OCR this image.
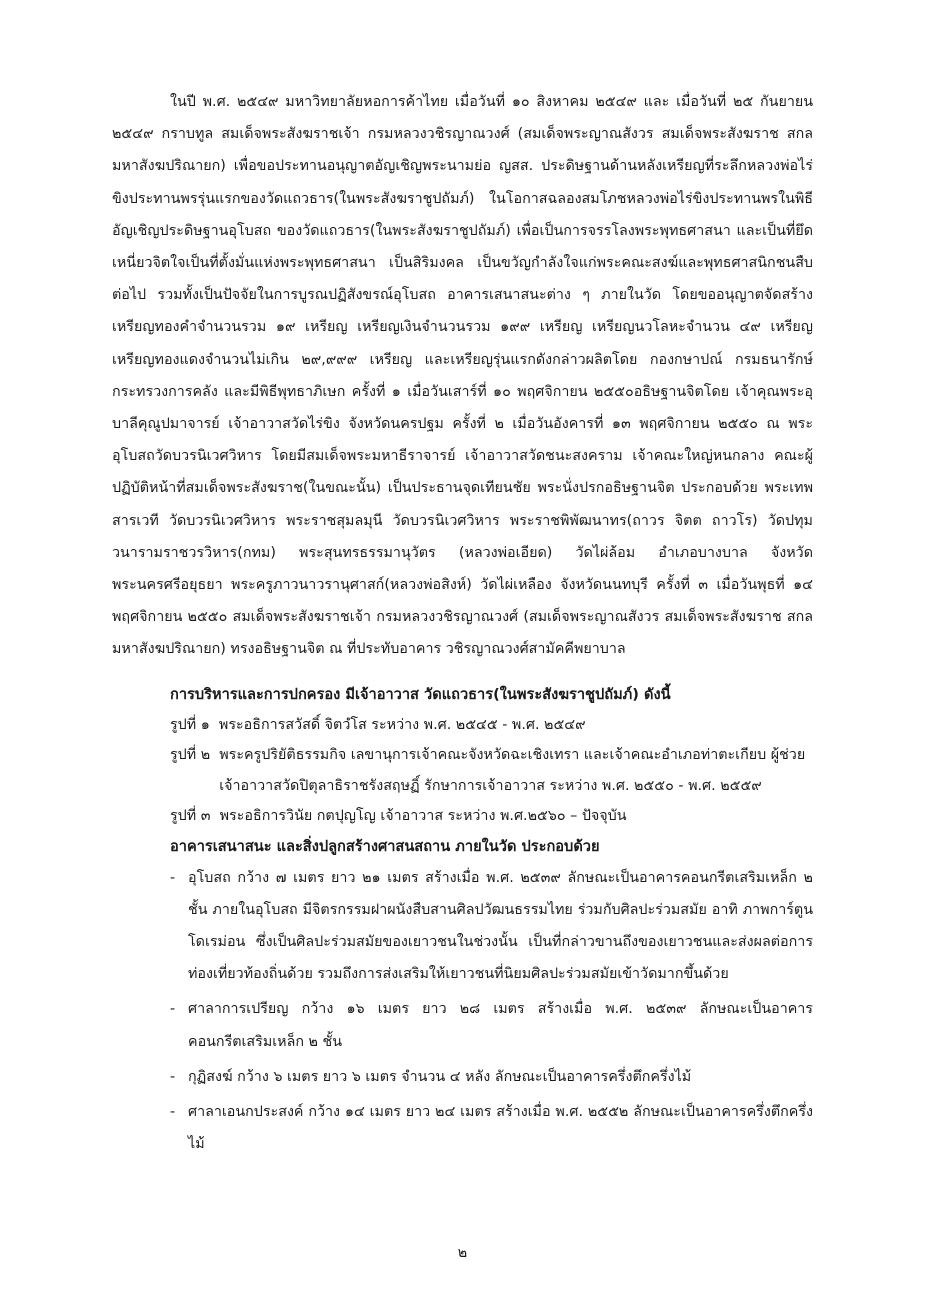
ในปี พ.ศ. ๒๕๔๙ มหาวิทยาลัยหอการค้าไทย เมื่อวันที่ ๑๐ สิงหาคม ๒๕๔๙ และ เมื่อวันที่ ๒๕ กันยายน ๒๕๔๙ กราบทูล สมเด็จพระสังฆราชเจ้า กรมหลวงวชิรญาณวงศ์ (สมเด็จพระญาณสังวร สมเด็จพระสังฆราช สกลมหาสังฆปริณายก) เพื่อขอประทานอนุญาตอัญเชิญพระนามย่อ ญสส. ประดิษฐานด้านหลังเหรียญที่ระลึกหลวงพ่อไร่ขิงประทานพรรุ่นแรกของวัดแถวธาร(ในพระสังฆราชูปถัมภ์) ในโอกาสฉลองสมโภชหลวงพ่อไร่ขิงประทานพรในพิธีอัญเชิญประดิษฐานอุโบสถ ของวัดแถวธาร(ในพระสังฆราชูปถัมภ์) เพื่อเป็นการจรรโลงพระพุทธศาสนา และเป็นที่ยึดเหนี่ยวจิตใจเป็นที่ตั้งมั่นแห่งพระพุทธศาสนา เป็นสิริมงคล เป็นขวัญกำลังใจแก่พระคณะสงฆ์และพุทธศาสนิกชนสืบต่อไป รวมทั้งเป็นปัจจัยในการบูรณปฏิสังขรณ์อุโบสถ อาคารเสนาสนะต่าง ๆ ภายในวัด โดยขออนุญาตจัดสร้างเหรียญทองคำจำนวนรวม ๑๙ เหรียญ เหรียญเงินจำนวนรวม ๑๙๙ เหรียญ เหรียญนวโลหะจำนวน ๔๙ เหรียญ เหรียญทองแดงจำนวนไม่เกิน ๒๙,๙๙๙ เหรียญ และเหรียญรุ่นแรกดังกล่าวผลิตโดย กองกษาปณ์ กรมธนารักษ์ กระทรวงการคลัง และมีพิธีพุทธาภิเษก ครั้งที่ ๑ เมื่อวันเสาร์ที่ ๑๐ พฤศจิกายน ๒๕๕๐อธิษฐานจิตโดย เจ้าคุณพระอุบาลีคุณูปมาจารย์ เจ้าอาวาสวัดไร่ขิง จังหวัดนครปฐม ครั้งที่ ๒ เมื่อวันอังคารที่ ๑๓ พฤศจิกายน ๒๕๕๐ ณ พระอุโบสถวัดบวรนิเวศวิหาร โดยมีสมเด็จพระมหาธีราจารย์ เจ้าอาวาสวัดชนะสงคราม เจ้าคณะใหญ่หนกลาง คณะผู้ปฏิบัติหน้าที่สมเด็จพระสังฆราช(ในขณะนั้น) เป็นประธานจุดเทียนชัย พระนั่งปรกอธิษฐานจิต ประกอบด้วย พระเทพสารเวที วัดบวรนิเวศวิหาร พระราชสุมลมุนี วัดบวรนิเวศวิหาร พระราชพิพัฒนาทร(ถาวร จิตต ถาวโร) วัดปทุมวนารามราชวรวิหาร(กทม) พระสุนทรธรรมานุวัตร (หลวงพ่อเอียด) วัดไผ่ล้อม อำเภอบางบาล จังหวัดพระนครศรีอยุธยา พระครูภาวนาวรานุศาสก์(หลวงพ่อสิงห์) วัดไผ่เหลือง จังหวัดนนทบุรี ครั้งที่ ๓ เมื่อวันพุธที่ ๑๔ พฤศจิกายน ๒๕๕๐ สมเด็จพระสังฆราชเจ้า กรมหลวงวชิรญาณวงศ์ (สมเด็จพระญาณสังวร สมเด็จพระสังฆราช สกลมหาสังฆปริณายก) ทรงอธิษฐานจิต ณ ที่ประทับอาคาร วชิรญาณวงศ์สามัคคีพยาบาล

การบริหารและการปกครอง มีเจ้าอาวาส วัดแถวธาร(ในพระสังฆราชูปถัมภ์) ดังนี้
รูปที่ ๑ พระอธิการสวัสดิ์ จิตวํโส ระหว่าง พ.ศ. ๒๕๔๕ - พ.ศ. ๒๕๔๙
รูปที่ ๒ พระครูปริยัติธรรมกิจ เลขานุการเจ้าคณะจังหวัดฉะเชิงเทรา และเจ้าคณะอำเภอท่าตะเกียบ ผู้ช่วยเจ้าอาวาสวัดปิตุลาธิราชรังสฤษฏิ์ รักษาการเจ้าอาวาส ระหว่าง พ.ศ. ๒๕๕๐ - พ.ศ. ๒๕๕๙
รูปที่ ๓ พระอธิการวินัย กตปุญโญ เจ้าอาวาส ระหว่าง พ.ศ.๒๕๖๐ – ปัจจุบัน
อาคารเสนาสนะ และสิ่งปลูกสร้างศาสนสถาน ภายในวัด ประกอบด้วย
- อุโบสถ กว้าง ๗ เมตร ยาว ๒๑ เมตร สร้างเมื่อ พ.ศ. ๒๕๓๙ ลักษณะเป็นอาคารคอนกรีตเสริมเหล็ก ๒ ชั้น ภายในอุโบสถ มีจิตรกรรมฝาผนังสืบสานศิลปวัฒนธรรมไทย ร่วมกับศิลปะร่วมสมัย อาทิ ภาพการ์ตูนโดเรม่อน ซึ่งเป็นศิลปะร่วมสมัยของเยาวชนในช่วงนั้น เป็นที่กล่าวขานถึงของเยาวชนและส่งผลต่อการท่องเที่ยวท้องถิ่นด้วย รวมถึงการส่งเสริมให้เยาวชนที่นิยมศิลปะร่วมสมัยเข้าวัดมากขึ้นด้วย
- ศาลาการเปรียญ กว้าง ๑๖ เมตร ยาว ๒๘ เมตร สร้างเมื่อ พ.ศ. ๒๕๓๙ ลักษณะเป็นอาคารคอนกรีตเสริมเหล็ก ๒ ชั้น
- กุฏิสงฆ์ กว้าง ๖ เมตร ยาว ๖ เมตร จำนวน ๔ หลัง ลักษณะเป็นอาคารครึ่งตึกครึ่งไม้
- ศาลาเอนกประสงค์ กว้าง ๑๔ เมตร ยาว ๒๔ เมตร สร้างเมื่อ พ.ศ. ๒๕๕๒ ลักษณะเป็นอาคารครึ่งตึกครึ่งไม้
๒
